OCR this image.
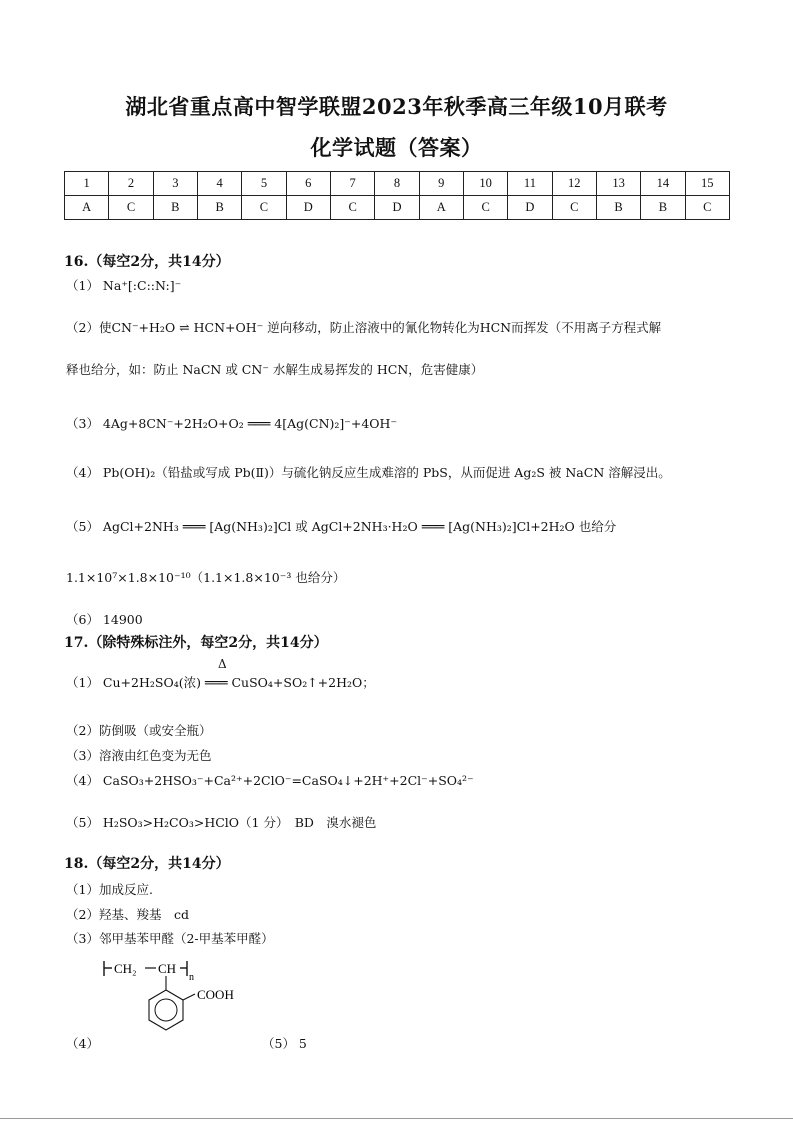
湖北省重点高中智学联盟2023年秋季高三年级10月联考
化学试题（答案）
1	2	3	4	5	6	7	8	9	10	11	12	13	14	15
A	C	B	B	C	D	C	D	A	C	D	C	B	B	C
16.（每空2分，共14分）
（1） Na⁺[:C::N:]⁻
（2）使CN⁻+H₂O ⇌ HCN+OH⁻ 逆向移动，防止溶液中的氰化物转化为HCN而挥发（不用离子方程式解
释也给分，如：防止 NaCN 或 CN⁻ 水解生成易挥发的 HCN，危害健康）
（3） 4Ag+8CN⁻+2H₂O+O₂ ═══ 4[Ag(CN)₂]⁻+4OH⁻
（4） Pb(OH)₂（铅盐或写成 Pb(Ⅱ)）与硫化钠反应生成难溶的 PbS，从而促进 Ag₂S 被 NaCN 溶解浸出。
（5） AgCl+2NH₃ ═══ [Ag(NH₃)₂]Cl 或 AgCl+2NH₃·H₂O ═══ [Ag(NH₃)₂]Cl+2H₂O 也给分
1.1×10⁷×1.8×10⁻¹⁰（1.1×1.8×10⁻³ 也给分）
（6） 14900
17.（除特殊标注外，每空2分，共14分）
Δ
（1） Cu+2H₂SO₄(浓) ═══ CuSO₄+SO₂↑+2H₂O；
（2）防倒吸（或安全瓶）
（3）溶液由红色变为无色
（4） CaSO₃+2HSO₃⁻+Ca²⁺+2ClO⁻=CaSO₄↓+2H⁺+2Cl⁻+SO₄²⁻
（5） H₂SO₃>H₂CO₃>HClO（1 分）　BD　溴水褪色
18.（每空2分，共14分）
（1）加成反应.
（2）羟基、羧基　cd
（3）邻甲基苯甲醛（2-甲基苯甲醛）
CH₂ CH
n
COOH
（4）	（5） 5
